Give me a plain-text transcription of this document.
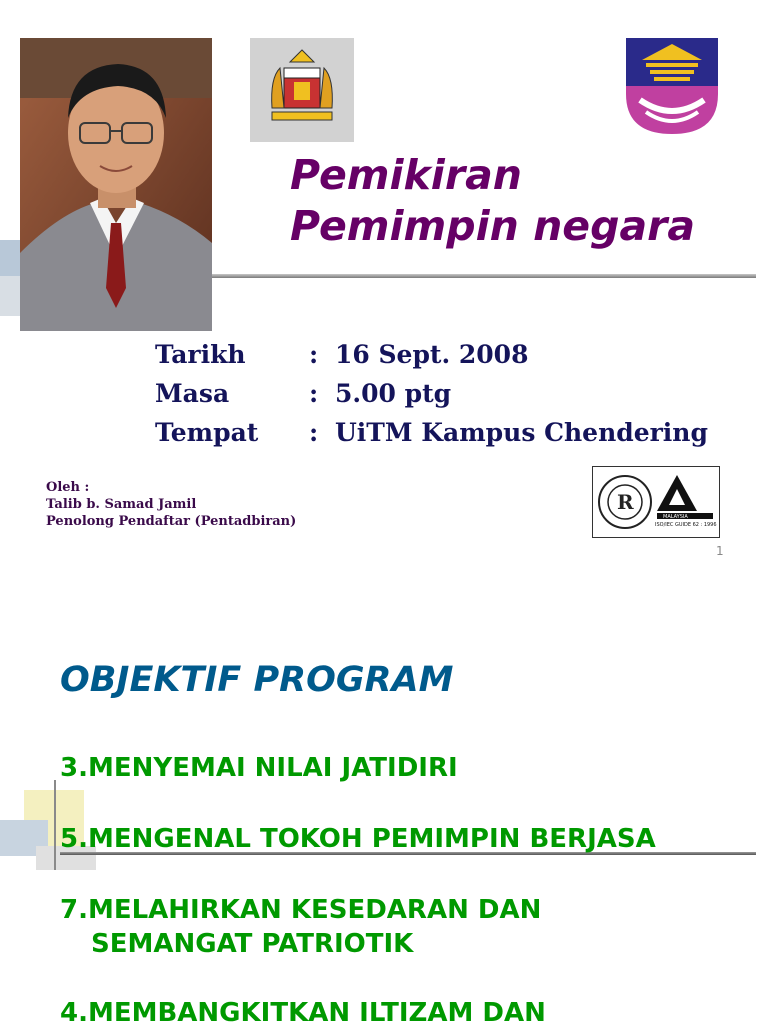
Pemikiran
Pemimpin negara
Tarikh	: 16 Sept. 2008
Masa	: 5.00 ptg
Tempat : UiTM Kampus Chendering
Oleh :
Talib b. Samad Jamil
Penolong Pendaftar (Pentadbiran)
R
MALAYSIA
ISO/IEC GUIDE 62 : 1996
1
OBJEKTIF PROGRAM
3.MENYEMAI NILAI JATIDIRI
5.MENGENAL TOKOH PEMIMPIN BERJASA
7.MELAHIRKAN KESEDARAN DAN
SEMANGAT PATRIOTIK
4.MEMBANGKITKAN ILTIZAM DAN
